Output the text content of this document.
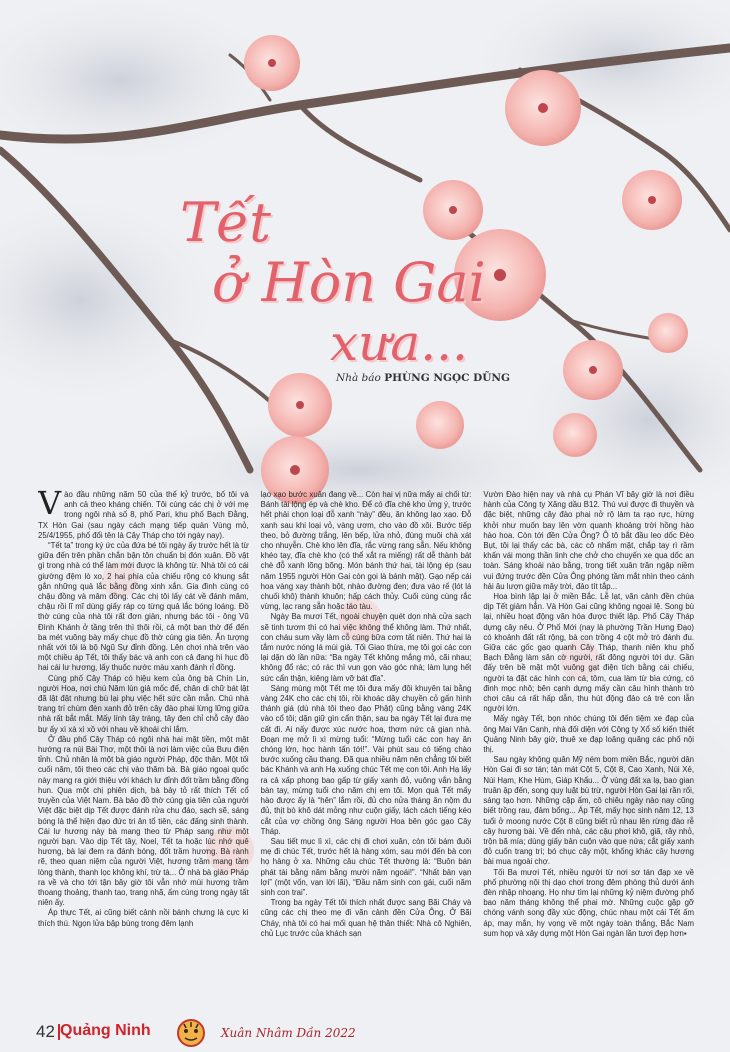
Tết
ở Hòn Gai
xưa...
Nhà báo PHÙNG NGỌC DŨNG
V ào đầu những năm 50 của thế kỷ trước, bố tôi và anh cả theo kháng chiến. Tôi cùng các chị ở với mẹ trong ngôi nhà số 8, phố Pari, khu phố Bạch Đằng, TX Hòn Gai (sau ngày cách mạng tiếp quản Vùng mỏ, 25/4/1955, phố đổi tên là Cây Tháp cho tới ngày nay).

“Tết ta” trong ký ức của đứa bé tôi ngày ấy trước hết là từ giữa đến trên phần chắn bận tôn chuẩn bị đón xuân. Đồ vật gì trong nhà có thể làm mới được là không từ. Nhà tôi có cái giường đệm lò xo, 2 hai phía của chiếu rộng có khung sắt gắn những quả lắc bằng đồng xinh xắn. Gia đình cùng có chậu đồng và mâm đồng. Các chị tôi lấy cát về đánh mâm, chậu rồi lĩ mĩ dùng giấy ráp cọ từng quả lắc bóng loáng. Đồ thờ cúng của nhà tôi rất đơn giản, nhưng bác tôi - ông Vũ Đình Khánh ở tầng trên thì thôi rồi, cả một ban thờ để đến ba mét vuông bày mấy chục đồ thờ cúng gia tiên. Ấn tượng nhất với tôi là bộ Ngũ Sự đỉnh đồng. Lên chơi nhà trên vào một chiều áp Tết, tôi thấy bác và anh con cả đang hì hục đồ hai cái lư hương, lấy thuốc nước màu xanh đánh rỉ đồng.

Cùng phố Cây Tháp có hiệu kem của ông bà Chín Lin, người Hoa, nơi chú Năm lùn giả mốc đế, chân di chữ bát lật đã lật đật nhưng bù lại phụ việc hết sức cần mẫn. Chú nhà trang trí chùm đèn xanh đỏ trên cây đào phai lừng lững giữa nhà rất bắt mắt. Mấy lính tây tráng, tây đen chỉ chỗ cây đào bự ấy xì xà xì xồ với nhau về khoái chí lắm.

Ở đầu phố Cây Tháp có ngôi nhà hai mặt tiền, một mặt hướng ra núi Bài Thơ, một thôi là nơi làm việc của Bưu điện tỉnh. Chủ nhân là một bà giáo người Pháp, độc thân. Một tối cuối năm, tôi theo các chị vào thăm bà. Bà giáo ngoại quốc này mang ra giới thiệu với khách lư đỉnh đốt trầm bằng đồng hun. Qua một chị phiên dịch, bà bảy tỏ rất thích Tết cổ truyền của Việt Nam. Bà bảo đồ thờ cúng gia tiên của người Việt đặc biệt dịp Tết được đánh rửa chu đáo, sạch sẽ, sáng bóng là thể hiện đạo đức tri ân tổ tiên, các đấng sinh thành. Cái lư hương này bà mang theo từ Pháp sang như một người bạn. Vào dịp Tết tây, Noel, Tết ta hoặc lúc nhớ quê hương, bà lại đem ra đánh bóng, đốt trầm hương. Bà rành rẽ, theo quan niệm của người Việt, hương trầm mang tầm lòng thành, thanh lọc không khí, trừ tà... Ở nhà bà giáo Pháp ra về và cho tới tận bây giờ tôi vẫn nhớ mùi hương trầm thoang thoảng, thanh tao, trang nhã, ấm cúng trong ngày tất niên ấy.

Áp thực Tết, ai cũng biết cảnh nồi bánh chưng là cực kì thích thú. Ngọn lửa bập bùng trong đêm lạnh

lạo xạo bước xuân đang về... Còn hai vị nữa mấy ai chối từ: Bánh tài lộng ép và chè kho. Để có đĩa chè kho ửng ý, trước hết phải chọn loại đỗ xanh “này” đều, ăn không lạo xạo. Đỗ xanh sau khi loại vỏ, vàng ươm, cho vào đồ xôi. Bước tiếp theo, bỏ đường trắng, lên bếp, lửa nhỏ, đùng muôi chà xát cho nhuyễn. Chè kho lên đĩa, rắc vừng rang sẵn. Nếu không khéo tay, đĩa chè kho (có thể xắt ra miếng) rất dễ thành bát chè đỗ xanh lõng bõng. Món bánh thứ hai, tài lộng ép (sau năm 1955 người Hòn Gai còn gọi là bánh mật). Gạo nếp cái hoa vàng xay thành bột, nhào đường đen; đưa vào rế (lót lá chuối khô) thành khuôn; hấp cách thủy. Cuối cùng cùng rắc vừng, lạc rang sẵn hoặc táo tàu.

Ngày Ba mươi Tết, ngoài chuyện quét dọn nhà cửa sạch sẽ tinh tươm thì có hai việc không thể không làm. Thứ nhất, con cháu sum vầy làm cỗ cúng bữa cơm tất niên. Thứ hai là tắm nước nóng lá mùi già. Tối Giao thừa, mẹ tôi gọi các con lại dặn dò lần nữa: “Ba ngày Tết không mắng mỏ, cãi nhau; không đổ rác; có rác thì vun gọn vào góc nhà; làm lụng hết sức cẩn thận, kiêng làm vỡ bát đĩa”.

Sáng mùng một Tết mẹ tôi đưa mấy đôi khuyên tai bằng vàng 24K cho các chị tôi, rồi khoác dây chuyền cỏ gấn hình thánh giá (dù nhà tôi theo đạo Phật) cũng bằng vàng 24K vào cổ tôi; dặn giữ gìn cẩn thận, sau ba ngày Tết lại đưa mẹ cất đi. Ai nấy được xúc nước hoa, thơm nức cả gian nhà. Đoạn mẹ mở lì xì mừng tuổi: “Mừng tuổi các con hay ăn chóng lớn, học hành tấn tới!”. Vài phút sau có tiếng chào bước xuống cầu thang. Đã qua nhiều năm nên chẳng tôi biết bác Khánh và anh Hạ xuống chúc Tết mẹ con tôi. Anh Hạ lấy ra cả xấp phong bao gấp từ giấy xanh đỏ, vuông vắn bằng bàn tay, mừng tuổi cho năm chị em tôi. Mọn quà Tết mấy hào được ấy là “hên” lắm rồi, đủ cho nửa tháng ăn nộm đu đủ, thịt bò khô dát mỏng như cuộn giấy, lách cách tiếng kéo cắt của vợ chồng ông Sáng người Hoa bên góc gạo Cây Tháp.

Sau tiết mục lì xì, các chị đi chơi xuân, còn tôi bám đuôi mẹ đi chúc Tết, trước hết là hàng xóm, sau mới đến bà con họ hàng ở xa. Những câu chúc Tết thường là: “Buôn bán phát tài bằng năm bằng mười năm ngoái!”. “Nhất bản vạn lợi” (một vốn, vạn lời lãi), “Đầu năm sinh con gái, cuối năm sinh con trai”.

Trong ba ngày Tết tôi thích nhất được sang Bãi Cháy và cũng các chị theo mẹ đi vãn cảnh đền Cửa Ông. Ở Bãi Cháy, nhà tôi có hai mối quan hệ thân thiết: Nhà cô Nghiên, chủ Lục trước của khách sạn

Vườn Đào hiện nay và nhà cụ Phán Vĩ bây giờ là nơi điều hành của Công ty Xăng dầu B12. Thú vui được đi thuyền và đặc biệt, những cây đào phai nở rộ làm ta rạo rực, hừng khởi như muốn bay lên vờn quanh khoảng trời hồng hào hào hoa. Còn tới đền Cửa Ông? Ô tô bắt đầu leo dốc Đèo Bụt, tôi lại thấy các bà, các cô nhẩm mặt, chắp tay rì rầm khấn vái mong thần linh che chở cho chuyến xe qua dốc an toàn. Sáng khoái nào bằng, trong tiết xuân trăn ngập niềm vui đứng trước đền Cửa Ông phóng tầm mắt nhìn theo cánh hải âu lượn giữa mây trời, đảo tít tắp...

Hoa bình lập lại ở miền Bắc. Lễ lạt, văn cảnh đền chùa dịp Tết giảm hẳn. Và Hòn Gai cũng không ngoại lệ. Song bù lại, nhiều hoạt động văn hóa được thiết lập. Phố Cây Tháp dựng cây nêu. Ở Phố Mới (nay là phường Trần Hưng Đạo) có khoảnh đất rất rộng, bà con trồng 4 cột mở trò đánh đu. Giữa các gốc gạo quanh Cây Tháp, thanh niên khu phố Bạch Đằng làm sân cờ người, rất đông người tới dự. Gần đấy trên bề mặt một vuông gạt điện tích bằng cái chiếu, người ta đặt các hình con cá, tôm, cua làm từ bìa cứng, có đinh mọc nhô; bên cạnh dựng mấy cần câu hình thành trò chơi câu cá rất hấp dẫn, thu hút động đảo cả trẻ con lẫn người lớn.

Mấy ngày Tết, bọn nhóc chúng tôi đến tiệm xe đạp của ông Mai Văn Cạnh, nhà đối diện với Công ty Xổ số kiến thiết Quảng Ninh bây giờ, thuê xe đạp loăng quăng các phố nội thị.

Sau ngày không quân Mỹ ném bom miền Bắc, người dân Hòn Gai đi sơ tán; tản mát Cột 5, Cột 8, Cao Xanh, Núi Xẻ, Núi Hạm, Khe Hùm, Giáp Khẩu... Ở vùng đất xa lạ, bao gian truân ập đến, song quy luật bù trừ, người Hòn Gai lại rần rối, sáng tạo hơn. Những cặp ấm, cô chiêu ngày nào nay cũng biết trồng rau, đảm bổng... Áp Tết, mấy học sinh năm 12, 13 tuổi ở moong nước Cột 8 cũng biết rủ nhau lên rừng đào rễ cây hương bài. Về đến nhà, các cậu phơi khô, giã, rây nhỏ, trộn bã mía; dùng giấy bản cuộn vào que nứa; cắt giấy xanh đỏ cuốn trang trí; bó chục cây một, khống khác cây hương bài mua ngoài chợ.

Tối Ba mươi Tết, nhiều người từ nơi sơ tán đạp xe về phố phường nội thị dạo chơi trong đêm phòng thủ dưới ánh đèn nhập nhoạng. Họ như tìm lại những kỷ niệm đường phố bao năm tháng không thể phai mờ. Những cuộc gặp gỡ chóng vánh song đầy xúc động, chúc nhau một cái Tết ấm áp, may mắn, hy vọng về một ngày toàn thắng, Bắc Nam sum họp và xây dựng một Hòn Gai ngàn lần tươi đẹp hơn▪

42 Quảng Ninh	Xuân Nhâm Dần 2022
